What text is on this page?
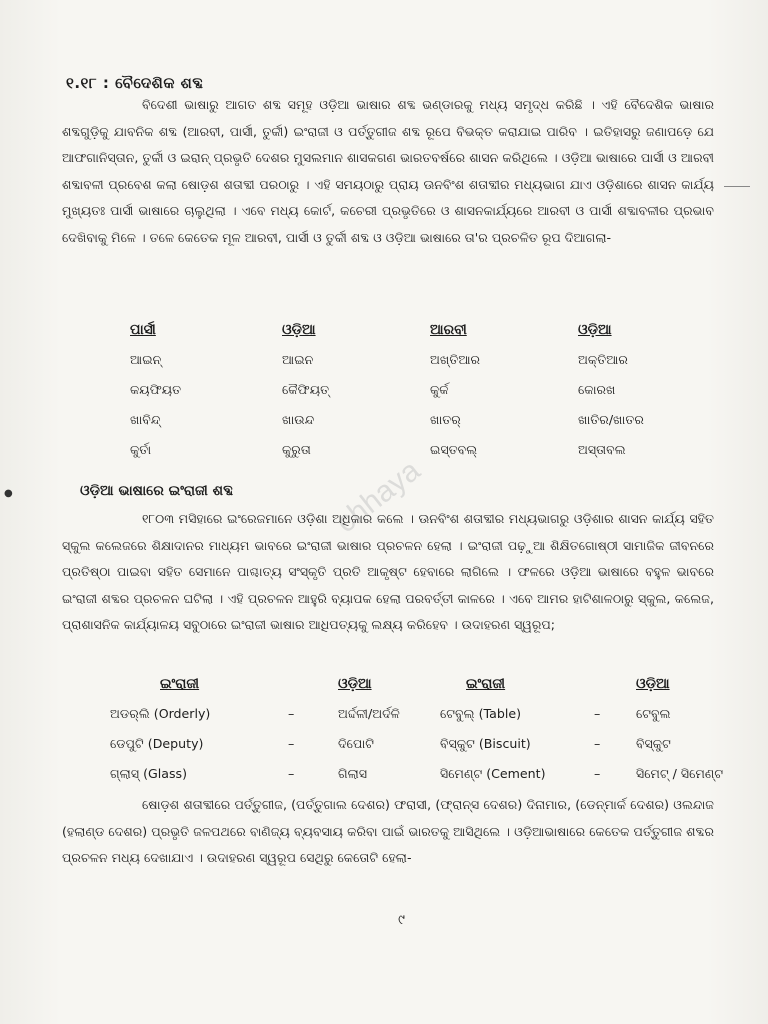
●
୧.୧୮ : ବୈଦେଶିକ ଶବ୍ଦ

ବିଦେଶୀ ଭାଷାରୁ ଆଗତ ଶବ୍ଦ ସମୂହ ଓଡ଼ିଆ ଭାଷାର ଶବ୍ଦ ଭଣ୍ଡାରକୁ ମଧ୍ୟ ସମୃଦ୍ଧ କରିଛି । ଏହି ବୈଦେଶିକ ଭାଷାର ଶବ୍ଦଗୁଡ଼ିକୁ ଯାବନିକ ଶବ୍ଦ (ଆରବୀ, ପାର୍ସୀ, ତୁର୍କୀ) ଇଂରାଜୀ ଓ ପର୍ତ୍ତୁଗୀଜ ଶବ୍ଦ ରୂପେ ବିଭକ୍ତ କରାଯାଇ ପାରିବ । ଇତିହାସରୁ ଜଣାପଡ଼େ ଯେ ଆଫଗାନିସ୍ତାନ, ତୁର୍କୀ ଓ ଇରାନ୍ ପ୍ରଭୃତି ଦେଶର ମୁସଲମାନ ଶାସକଗଣ ଭାରତବର୍ଷରେ ଶାସନ କରିଥିଲେ । ଓଡ଼ିଆ ଭାଷାରେ ପାର୍ସୀ ଓ ଆରବୀ ଶବ୍ଦାବଳୀ ପ୍ରବେଶ କଲା ଷୋଡ଼ଶ ଶତାବ୍ଦୀ ପରଠାରୁ । ଏହି ସମୟଠାରୁ ପ୍ରାୟ ଊନବିଂଶ ଶତାବ୍ଦୀର ମଧ୍ୟଭାଗ ଯାଏ ଓଡ଼ିଶାରେ ଶାସନ କାର୍ଯ୍ୟ ମୁଖ୍ୟତଃ ପାର୍ସୀ ଭାଷାରେ ଚାଲୁଥିଲା । ଏବେ ମଧ୍ୟ କୋର୍ଟ, କଚେରୀ ପ୍ରଭୃତିରେ ଓ ଶାସନକାର୍ଯ୍ୟରେ ଆରବୀ ଓ ପାର୍ସୀ ଶବ୍ଦାବଳୀର ପ୍ରଭାବ ଦେଖିବାକୁ ମିଳେ । ତଳେ କେତେକ ମୂଳ ଆରବୀ, ପାର୍ସୀ ଓ ତୁର୍କୀ ଶବ୍ଦ ଓ ଓଡ଼ିଆ ଭାଷାରେ ତା'ର ପ୍ରଚଳିତ ରୂପ ଦିଆଗଲା-

ପାର୍ସୀ	ଓଡ଼ିଆ	ଆରବୀ	ଓଡ଼ିଆ
ଆଇନ୍	ଆଇନ	ଅଖ୍ତିଆର	ଅକ୍ତିଆର
କୟଫିୟତ	କୈଫିୟତ୍	କୁର୍କ	କୋରଖ
ଖାବିନ୍ଦ୍	ଖାଉନ୍ଦ	ଖାତର୍	ଖାତିର/ଖାତର
କୁର୍ତା	କୁରୁତା	ଇସ୍ତବଲ୍	ଅସ୍ତାବଲ
chhaya
ଓଡ଼ିଆ ଭାଷାରେ ଇଂରାଜୀ ଶବ୍ଦ

୧୮୦୩ ମସିହାରେ ଇଂରେଜମାନେ ଓଡ଼ିଶା ଅଧିକାର କଲେ । ଊନବିଂଶ ଶତାବ୍ଦୀର ମଧ୍ୟଭାଗରୁ ଓଡ଼ିଶାର ଶାସନ କାର୍ଯ୍ୟ ସହିତ ସ୍କୁଲ କଲେଜରେ ଶିକ୍ଷାଦାନର ମାଧ୍ୟମ ଭାବରେ ଇଂରାଜୀ ଭାଷାର ପ୍ରଚଳନ ହେଲା । ଇଂରାଜୀ ପଢ଼ୁଆ ଶିକ୍ଷିତଗୋଷ୍ଠୀ ସାମାଜିକ ଜୀବନରେ ପ୍ରତିଷ୍ଠା ପାଇବା ସହିତ ସେମାନେ ପାଶ୍ଚାତ୍ୟ ସଂସ୍କୃତି ପ୍ରତି ଆକୃଷ୍ଟ ହେବାରେ ଲାଗିଲେ । ଫଳରେ ଓଡ଼ିଆ ଭାଷାରେ ବହୁଳ ଭାବରେ ଇଂରାଜୀ ଶବ୍ଦର ପ୍ରଚଳନ ଘଟିଲା । ଏହି ପ୍ରଚଳନ ଆହୁରି ବ୍ୟାପକ ହେଲା ପରବର୍ତ୍ତୀ କାଳରେ । ଏବେ ଆମର ହାଟିଶାଳଠାରୁ ସ୍କୁଲ, କଲେଜ, ପ୍ରାଶାସନିକ କାର୍ଯ୍ୟାଳୟ ସବୁଠାରେ ଇଂରାଜୀ ଭାଷାର ଆଧିପତ୍ୟକୁ ଲକ୍ଷ୍ୟ କରିହେବ । ଉଦାହରଣ ସ୍ୱରୂପ;

ଇଂରାଜୀ	ଓଡ଼ିଆ	ଇଂରାଜୀ	ଓଡ଼ିଆ
ଅଡର୍‌ଲି (Orderly)	–	ଅର୍ଦ୍ଦଳୀ/ଅର୍ଦଳି	ଟେବୁଲ୍ (Table)	–	ଟେବୁଲ
ଡେପୁଟି (Deputy)	–	ଦିପୋଟି	ବିସ୍କୁଟ (Biscuit)	–	ବିସ୍କୁଟ
ଗ୍ଲାସ୍ (Glass)	–	ଗିଲାସ	ସିମେଣ୍ଟ (Cement)	–	ସିମେଟ୍ / ସିମେଣ୍ଟ

ଷୋଡ଼ଶ ଶତାବ୍ଦୀରେ ପର୍ତ୍ତୁଗୀଜ, (ପର୍ତ୍ତୁଗାଲ ଦେଶର) ଫରାସୀ, (ଫ୍ରାନ୍ସ ଦେଶର) ଦିନାମାର, (ଡେନ୍‌ମାର୍କ ଦେଶର) ଓଲନ୍ଦାଜ (ହଲାଣ୍ଡ ଦେଶର) ପ୍ରଭୃତି ଜଳପଥରେ ବାଣିଜ୍ୟ ବ୍ୟବସାୟ କରିବା ପାଇଁ ଭାରତକୁ ଆସିଥିଲେ । ଓଡ଼ିଆଭାଷାରେ କେତେକ ପର୍ତ୍ତୁଗୀଜ ଶବ୍ଦର ପ୍ରଚଳନ ମଧ୍ୟ ଦେଖାଯାଏ । ଉଦାହରଣ ସ୍ୱରୂପ ସେଥିରୁ କେତୋଟି ହେଲା-

୯
